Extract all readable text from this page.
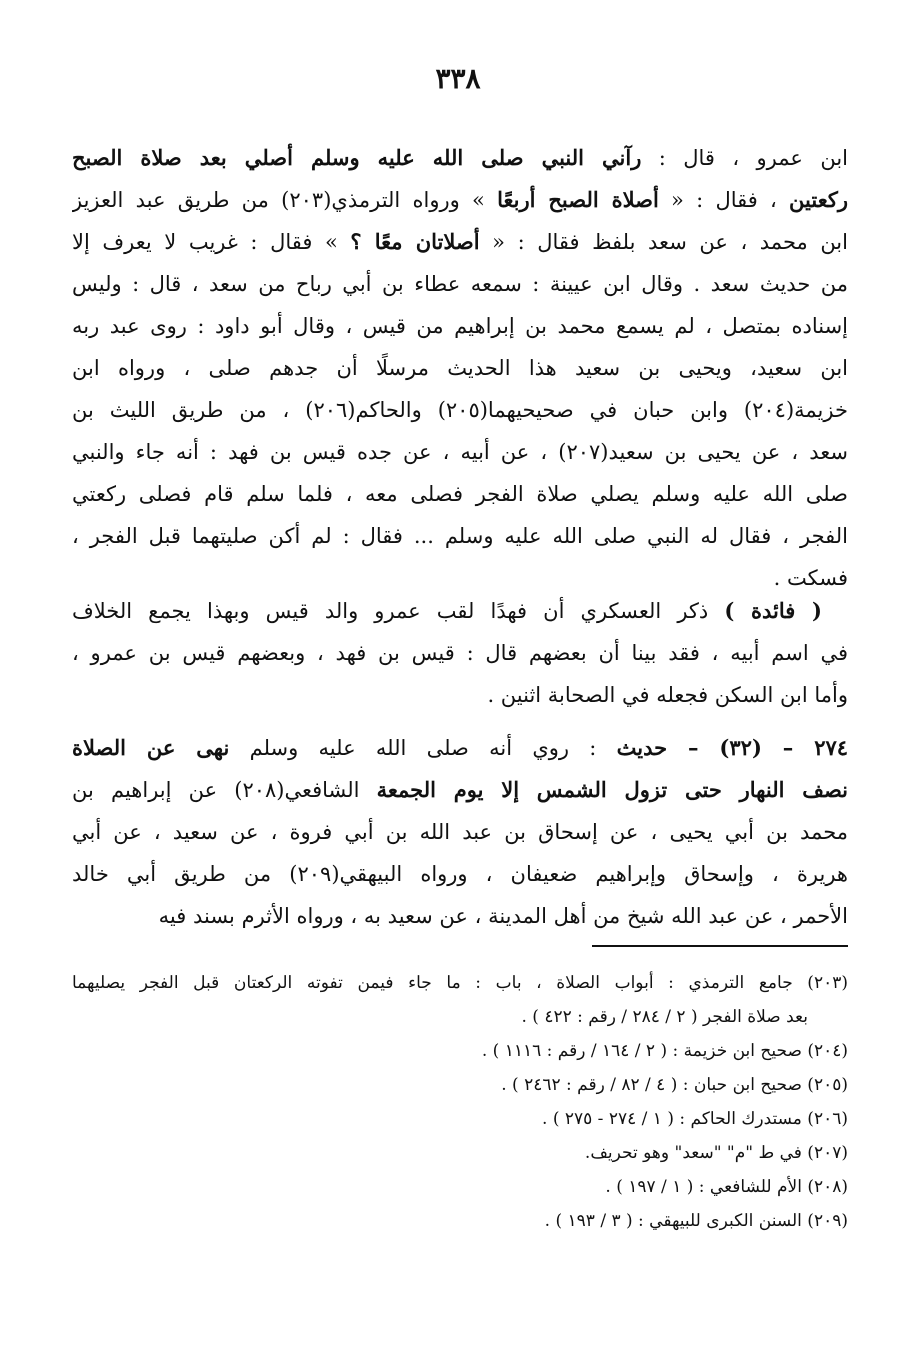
٣٣٨
ابن عمرو ، قال : رآني النبي صلى الله عليه وسلم أصلي بعد صلاة الصبح
ركعتين ، فقال : « أصلاة الصبح أربعًا » ورواه الترمذي(٢٠٣) من طريق عبد العزيز
ابن محمد ، عن سعد بلفظ فقال : « أصلاتان معًا ؟ » فقال : غريب لا يعرف إلا
من حديث سعد . وقال ابن عيينة : سمعه عطاء بن أبي رباح من سعد ، قال : وليس
إسناده بمتصل ، لم يسمع محمد بن إبراهيم من قيس ، وقال أبو داود : روى عبد ربه
ابن سعيد، ويحيى بن سعيد هذا الحديث مرسلًا أن جدهم صلى ، ورواه ابن
خزيمة(٢٠٤) وابن حبان في صحيحيهما(٢٠٥) والحاكم(٢٠٦) ، من طريق الليث بن
سعد ، عن يحيى بن سعيد(٢٠٧) ، عن أبيه ، عن جده قيس بن فهد : أنه جاء والنبي
صلى الله عليه وسلم يصلي صلاة الفجر فصلى معه ، فلما سلم قام فصلى ركعتي
الفجر ، فقال له النبي صلى الله عليه وسلم ... فقال : لم أكن صليتهما قبل الفجر ،
فسكت .
( فائدة ) ذكر العسكري أن فهدًا لقب عمرو والد قيس وبهذا يجمع الخلاف
في اسم أبيه ، فقد بينا أن بعضهم قال : قيس بن فهد ، وبعضهم قيس بن عمرو ،
وأما ابن السكن فجعله في الصحابة اثنين .
٢٧٤ – (٣٢) – حديث : روي أنه صلى الله عليه وسلم نهى عن الصلاة
نصف النهار حتى تزول الشمس إلا يوم الجمعة الشافعي(٢٠٨) عن إبراهيم بن
محمد بن أبي يحيى ، عن إسحاق بن عبد الله بن أبي فروة ، عن سعيد ، عن أبي
هريرة ، وإسحاق وإبراهيم ضعيفان ، ورواه البيهقي(٢٠٩) من طريق أبي خالد
الأحمر ، عن عبد الله شيخ من أهل المدينة ، عن سعيد به ، ورواه الأثرم بسند فيه
(٢٠٣) جامع الترمذي : أبواب الصلاة ، باب : ما جاء فيمن تفوته الركعتان قبل الفجر يصليهما
بعد صلاة الفجر ( ٢ / ٢٨٤ / رقم : ٤٢٢ ) .
(٢٠٤) صحيح ابن خزيمة : ( ٢ / ١٦٤ / رقم : ١١١٦ ) .
(٢٠٥) صحيح ابن حبان : ( ٤ / ٨٢ / رقم : ٢٤٦٢ ) .
(٢٠٦) مستدرك الحاكم : ( ١ / ٢٧٤ - ٢٧٥ ) .
(٢٠٧) في ط "م" "سعد" وهو تحريف.
(٢٠٨) الأم للشافعي : ( ١ / ١٩٧ ) .
(٢٠٩) السنن الكبرى للبيهقي : ( ٣ / ١٩٣ ) .
